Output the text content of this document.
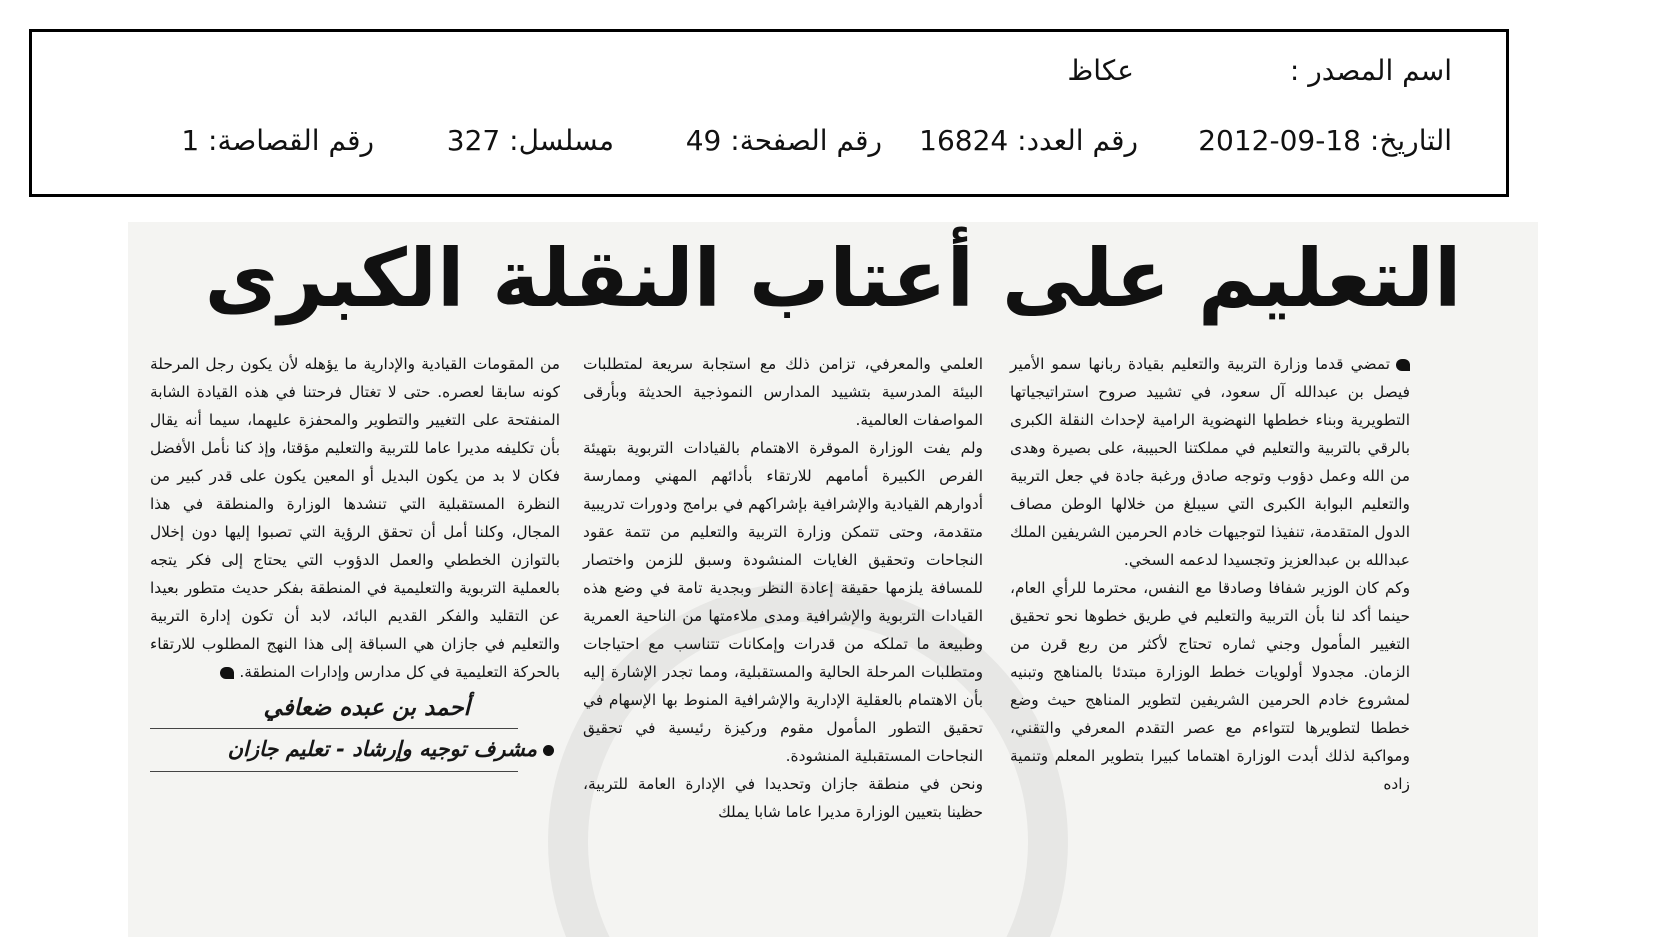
اسم المصدر :
عكاظ
التاريخ: 18-09-2012
رقم العدد: 16824
رقم الصفحة: 49
مسلسل: 327
رقم القصاصة: 1
التعليم على أعتاب النقلة الكبرى

تمضي قدما وزارة التربية والتعليم بقيادة ربانها سمو الأمير فيصل بن عبدالله آل سعود، في تشييد صروح استراتيجياتها التطويرية وبناء خططها النهضوية الرامية لإحداث النقلة الكبرى بالرقي بالتربية والتعليم في مملكتنا الحبيبة، على بصيرة وهدى من الله وعمل دؤوب وتوجه صادق ورغبة جادة في جعل التربية والتعليم البوابة الكبرى التي سيبلغ من خلالها الوطن مصاف الدول المتقدمة، تنفيذا لتوجيهات خادم الحرمين الشريفين الملك عبدالله بن عبدالعزيز وتجسيدا لدعمه السخي.

وكم كان الوزير شفافا وصادقا مع النفس، محترما للرأي العام، حينما أكد لنا بأن التربية والتعليم في طريق خطوها نحو تحقيق التغيير المأمول وجني ثماره تحتاج لأكثر من ربع قرن من الزمان. مجدولا أولويات خطط الوزارة مبتدئا بالمناهج وتبنيه لمشروع خادم الحرمين الشريفين لتطوير المناهج حيث وضع خططا لتطويرها لتتواءم مع عصر التقدم المعرفي والتقني، ومواكبة لذلك أبدت الوزارة اهتماما كبيرا بتطوير المعلم وتنمية زاده

العلمي والمعرفي، تزامن ذلك مع استجابة سريعة لمتطلبات البيئة المدرسية بتشييد المدارس النموذجية الحديثة وبأرقى المواصفات العالمية.

ولم يفت الوزارة الموقرة الاهتمام بالقيادات التربوية بتهيئة الفرص الكبيرة أمامهم للارتقاء بأدائهم المهني وممارسة أدوارهم القيادية والإشرافية بإشراكهم في برامج ودورات تدريبية متقدمة، وحتى تتمكن وزارة التربية والتعليم من تتمة عقود النجاحات وتحقيق الغايات المنشودة وسبق للزمن واختصار للمسافة يلزمها حقيقة إعادة النظر وبجدية تامة في وضع هذه القيادات التربوية والإشرافية ومدى ملاءمتها من الناحية العمرية وطبيعة ما تملكه من قدرات وإمكانات تتناسب مع احتياجات ومتطلبات المرحلة الحالية والمستقبلية، ومما تجدر الإشارة إليه بأن الاهتمام بالعقلية الإدارية والإشرافية المنوط بها الإسهام في تحقيق التطور المأمول مقوم وركيزة رئيسية في تحقيق النجاحات المستقبلية المنشودة.

ونحن في منطقة جازان وتحديدا في الإدارة العامة للتربية، حظينا بتعيين الوزارة مديرا عاما شابا يملك

من المقومات القيادية والإدارية ما يؤهله لأن يكون رجل المرحلة كونه سابقا لعصره. حتى لا تغتال فرحتنا في هذه القيادة الشابة المنفتحة على التغيير والتطوير والمحفزة عليهما، سيما أنه يقال بأن تكليفه مديرا عاما للتربية والتعليم مؤقتا، وإذ كنا نأمل الأفضل فكان لا بد من يكون البديل أو المعين يكون على قدر كبير من النظرة المستقبلية التي تنشدها الوزارة والمنطقة في هذا المجال، وكلنا أمل أن تحقق الرؤية التي تصبوا إليها دون إخلال بالتوازن الخططي والعمل الدؤوب التي يحتاج إلى فكر يتجه بالعملية التربوية والتعليمية في المنطقة بفكر حديث متطور بعيدا عن التقليد والفكر القديم البائد، لابد أن تكون إدارة التربية والتعليم في جازان هي السباقة إلى هذا النهج المطلوب للارتقاء بالحركة التعليمية في كل مدارس وإدارات المنطقة.

أحمد بن عبده ضعافي
مشرف توجيه وإرشاد - تعليم جازان
